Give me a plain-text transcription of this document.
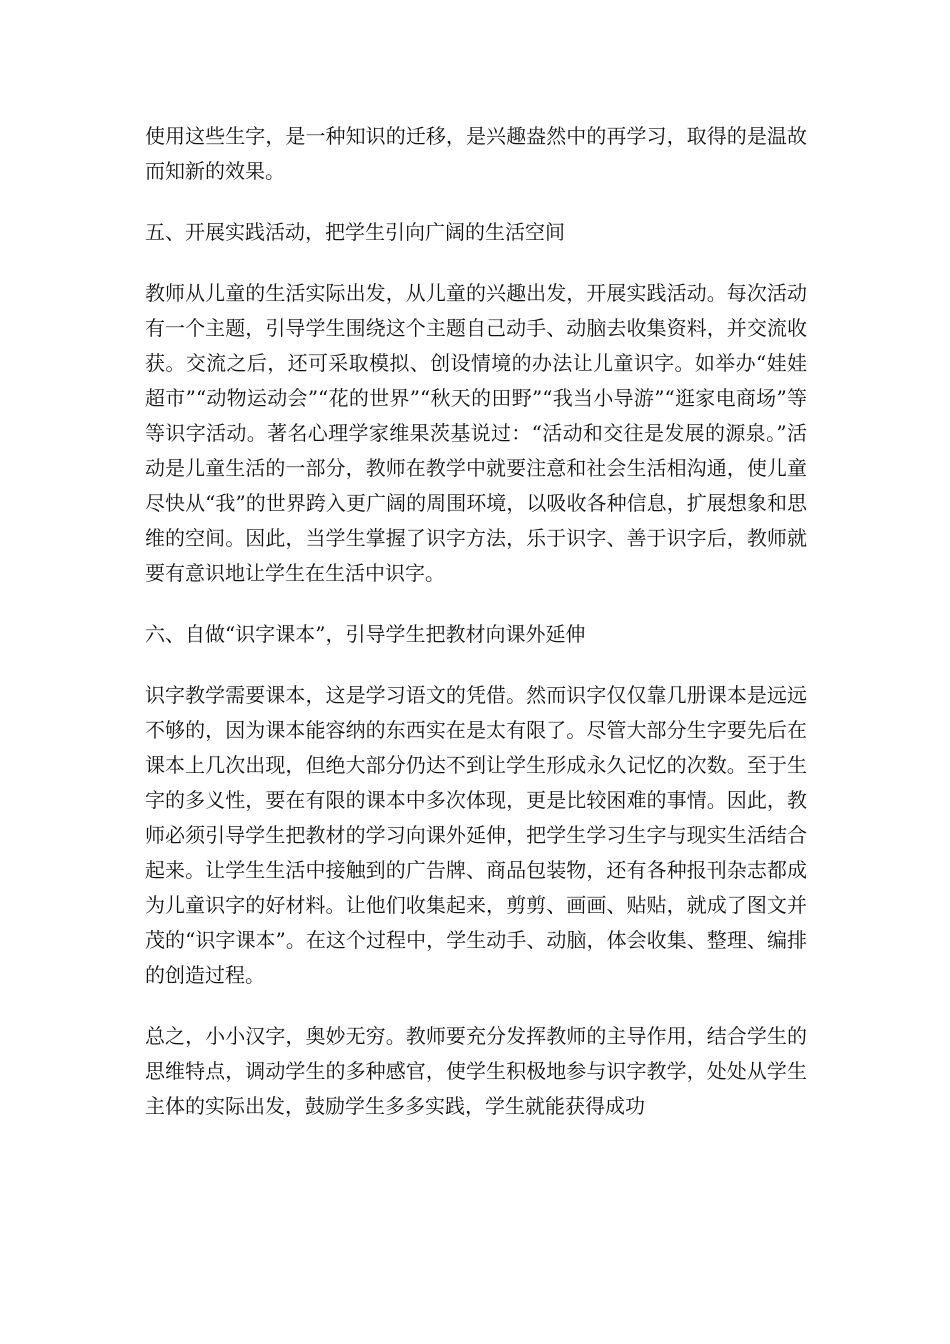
使用这些生字，是一种知识的迁移，是兴趣盎然中的再学习，取得的是温故而知新的效果。

五、开展实践活动，把学生引向广阔的生活空间

教师从儿童的生活实际出发，从儿童的兴趣出发，开展实践活动。每次活动有一个主题，引导学生围绕这个主题自己动手、动脑去收集资料，并交流收获。交流之后，还可采取模拟、创设情境的办法让儿童识字。如举办“娃娃超市”“动物运动会”“花的世界”“秋天的田野”“我当小导游”“逛家电商场”等等识字活动。著名心理学家维果茨基说过：“活动和交往是发展的源泉。”活动是儿童生活的一部分，教师在教学中就要注意和社会生活相沟通，使儿童尽快从“我”的世界跨入更广阔的周围环境，以吸收各种信息，扩展想象和思维的空间。因此，当学生掌握了识字方法，乐于识字、善于识字后，教师就要有意识地让学生在生活中识字。

六、自做“识字课本”，引导学生把教材向课外延伸

识字教学需要课本，这是学习语文的凭借。然而识字仅仅靠几册课本是远远不够的，因为课本能容纳的东西实在是太有限了。尽管大部分生字要先后在课本上几次出现，但绝大部分仍达不到让学生形成永久记忆的次数。至于生字的多义性，要在有限的课本中多次体现，更是比较困难的事情。因此，教师必须引导学生把教材的学习向课外延伸，把学生学习生字与现实生活结合起来。让学生生活中接触到的广告牌、商品包装物，还有各种报刊杂志都成为儿童识字的好材料。让他们收集起来，剪剪、画画、贴贴，就成了图文并茂的“识字课本”。在这个过程中，学生动手、动脑，体会收集、整理、编排的创造过程。

总之，小小汉字，奥妙无穷。教师要充分发挥教师的主导作用，结合学生的思维特点，调动学生的多种感官，使学生积极地参与识字教学，处处从学生主体的实际出发，鼓励学生多多实践，学生就能获得成功
